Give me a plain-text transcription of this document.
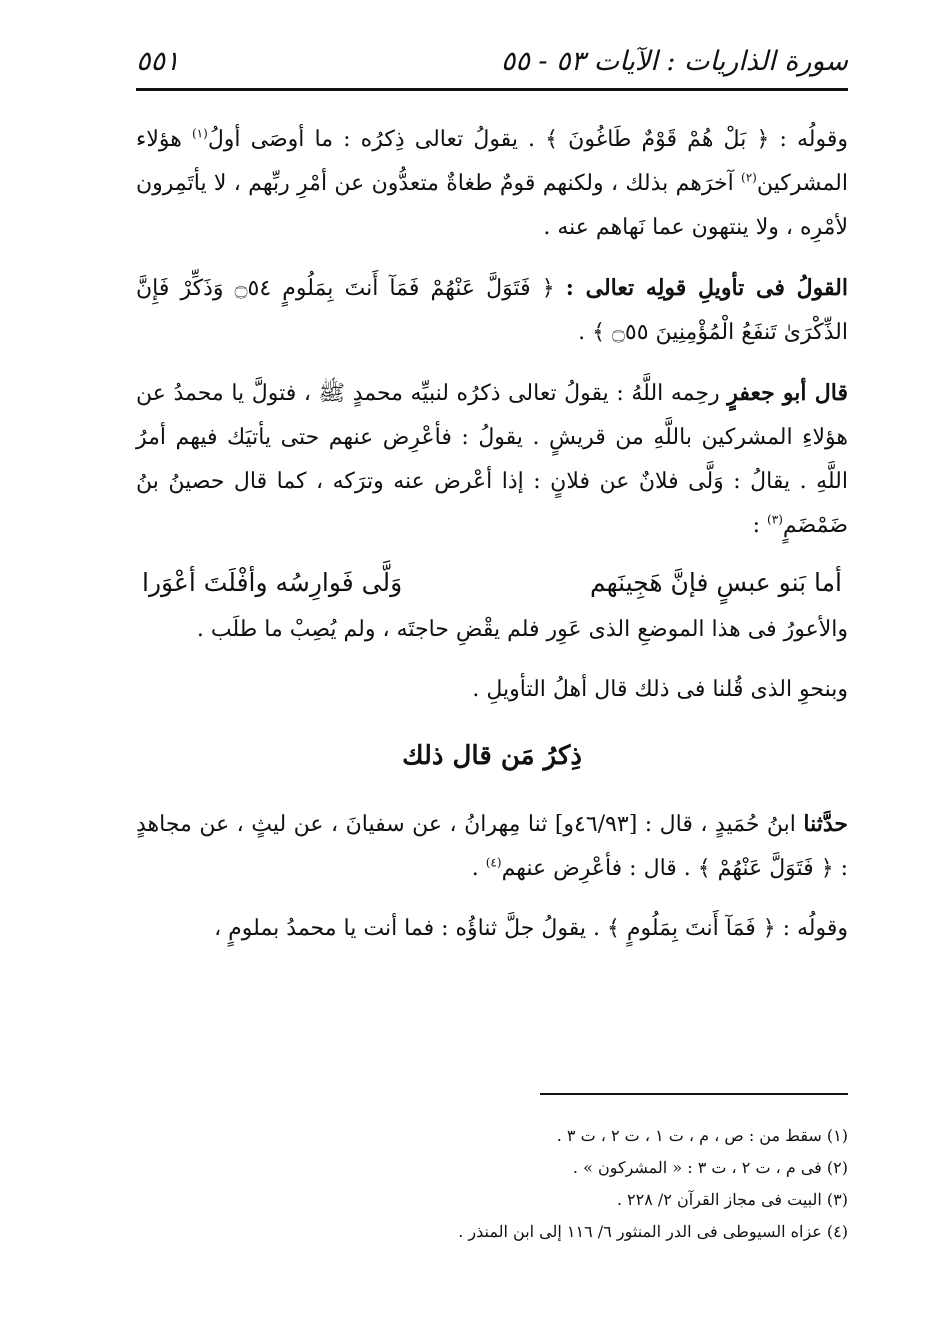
سورة الذاريات : الآيات ٥٣ - ٥٥
٥٥١

وقولُه : ﴿ بَلْ هُمْ قَوْمٌ طَاغُونَ ﴾ . يقولُ تعالى ذِكرُه : ما أوصَى أولُ$^{(١)}$ هؤلاء المشركين$^{(٢)}$ آخرَهم بذلك ، ولكنهم قومٌ طغاةٌ متعدُّون عن أمْرِ ربِّهم ، لا يأتَمِرون لأمْرِه ، ولا ينتهون عما نَهاهم عنه .

القولُ فى تأويلِ قولِه تعالى : ﴿ فَتَوَلَّ عَنْهُمْ فَمَآ أَنتَ بِمَلُومٍ ۝٥٤ وَذَكِّرْ فَإِنَّ الذِّكْرَىٰ تَنفَعُ الْمُؤْمِنِينَ ۝٥٥ ﴾ .

قال أبو جعفرٍ رحِمه اللَّهُ : يقولُ تعالى ذكرُه لنبيِّه محمدٍ ﷺ ، فتولَّ يا محمدُ عن هؤلاءِ المشركين باللَّهِ من قريشٍ . يقولُ : فأعْرِض عنهم حتى يأتيَك فيهم أمرُ اللَّهِ . يقالُ : وَلَّى فلانٌ عن فلانٍ : إذا أعْرض عنه وترَكه ، كما قال حصينُ بنُ ضَمْضَمٍ$^{(٣)}$ :

أما بَنو عبسٍ فإنَّ هَجِينَهم
وَلَّى فَوارِسُه وأفْلَتَ أعْوَرا

والأعورُ فى هذا الموضعِ الذى عَوِر فلم يقْضِ حاجتَه ، ولم يُصِبْ ما طلَب .

وبنحوِ الذى قُلنا فى ذلك قال أهلُ التأويلِ .

ذِكرُ مَن قال ذلك

حدَّثنا ابنُ حُمَيدٍ ، قال : [٤٦/٩٣و] ثنا مِهرانُ ، عن سفيانَ ، عن ليثٍ ، عن مجاهدٍ : ﴿ فَتَوَلَّ عَنْهُمْ ﴾ . قال : فأعْرِض عنهم$^{(٤)}$ .

وقولُه : ﴿ فَمَآ أَنتَ بِمَلُومٍ ﴾ . يقولُ جلَّ ثناؤُه : فما أنت يا محمدُ بملومٍ ،

(١) سقط من : ص ، م ، ت ١ ، ت ٢ ، ت ٣ .
(٢) فى م ، ت ٢ ، ت ٣ : « المشركون » .
(٣) البيت فى مجاز القرآن ٢/ ٢٢٨ .
(٤) عزاه السيوطى فى الدر المنثور ٦/ ١١٦ إلى ابن المنذر .
